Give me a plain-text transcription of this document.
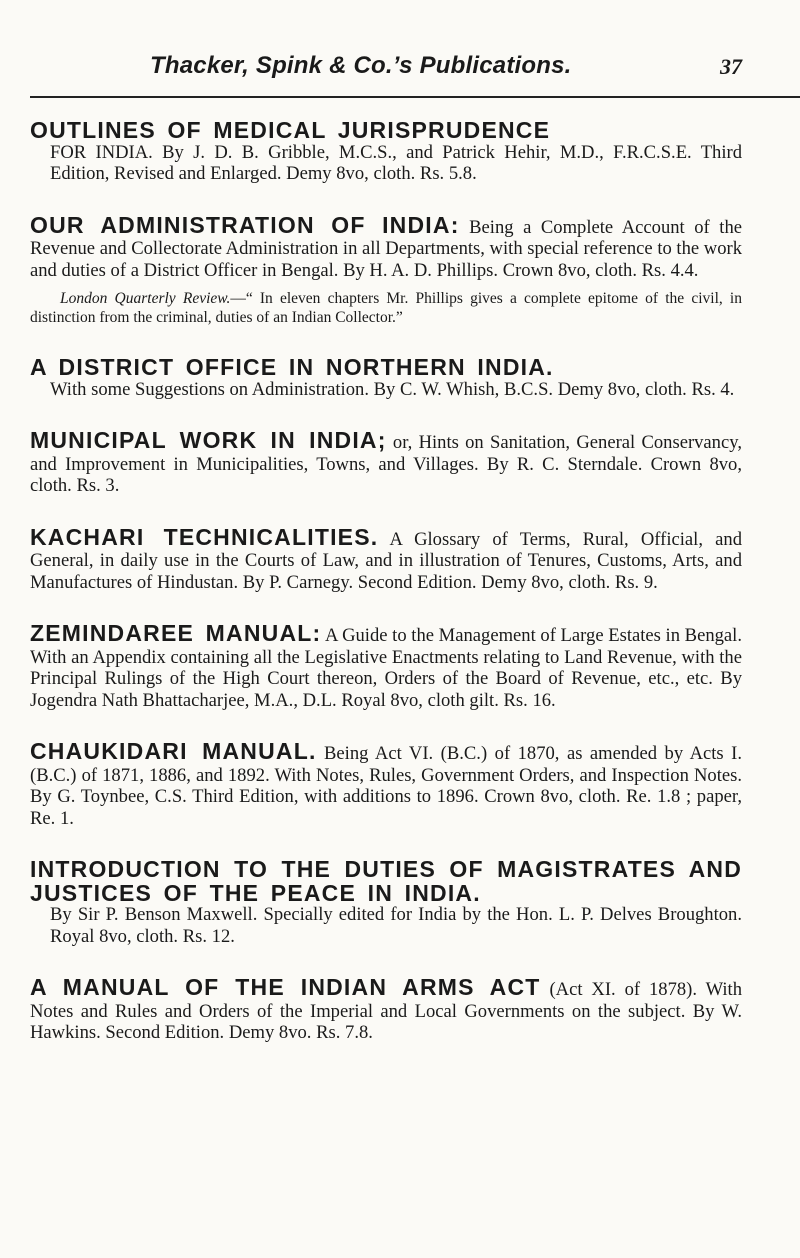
Thacker, Spink & Co.’s Publications.	37
OUTLINES OF MEDICAL JURISPRUDENCE
FOR INDIA. By J. D. B. Gribble, M.C.S., and Patrick Hehir, M.D., F.R.C.S.E. Third Edition, Revised and Enlarged. Demy 8vo, cloth. Rs. 5.8.
OUR ADMINISTRATION OF INDIA: Being a Complete Account of the Revenue and Collectorate Administration in all Departments, with special reference to the work and duties of a District Officer in Bengal. By H. A. D. Phillips. Crown 8vo, cloth. Rs. 4.4.
London Quarterly Review.—“ In eleven chapters Mr. Phillips gives a complete epitome of the civil, in distinction from the criminal, duties of an Indian Collector.”
A DISTRICT OFFICE IN NORTHERN INDIA.
With some Suggestions on Administration. By C. W. Whish, B.C.S. Demy 8vo, cloth. Rs. 4.
MUNICIPAL WORK IN INDIA; or, Hints on Sanitation, General Conservancy, and Improvement in Municipalities, Towns, and Villages. By R. C. Sterndale. Crown 8vo, cloth. Rs. 3.
KACHARI TECHNICALITIES. A Glossary of Terms, Rural, Official, and General, in daily use in the Courts of Law, and in illustration of Tenures, Customs, Arts, and Manufactures of Hindustan. By P. Carnegy. Second Edition. Demy 8vo, cloth. Rs. 9.
ZEMINDAREE MANUAL: A Guide to the Management of Large Estates in Bengal. With an Appendix containing all the Legislative Enactments relating to Land Revenue, with the Principal Rulings of the High Court thereon, Orders of the Board of Revenue, etc., etc. By Jogendra Nath Bhattacharjee, M.A., D.L. Royal 8vo, cloth gilt. Rs. 16.
CHAUKIDARI MANUAL. Being Act VI. (B.C.) of 1870, as amended by Acts I. (B.C.) of 1871, 1886, and 1892. With Notes, Rules, Government Orders, and Inspection Notes. By G. Toynbee, C.S. Third Edition, with additions to 1896. Crown 8vo, cloth. Re. 1.8 ; paper, Re. 1.
INTRODUCTION TO THE DUTIES OF MAGISTRATES AND JUSTICES OF THE PEACE IN INDIA.
By Sir P. Benson Maxwell. Specially edited for India by the Hon. L. P. Delves Broughton. Royal 8vo, cloth. Rs. 12.
A MANUAL OF THE INDIAN ARMS ACT (Act XI. of 1878). With Notes and Rules and Orders of the Imperial and Local Governments on the subject. By W. Hawkins. Second Edition. Demy 8vo. Rs. 7.8.
